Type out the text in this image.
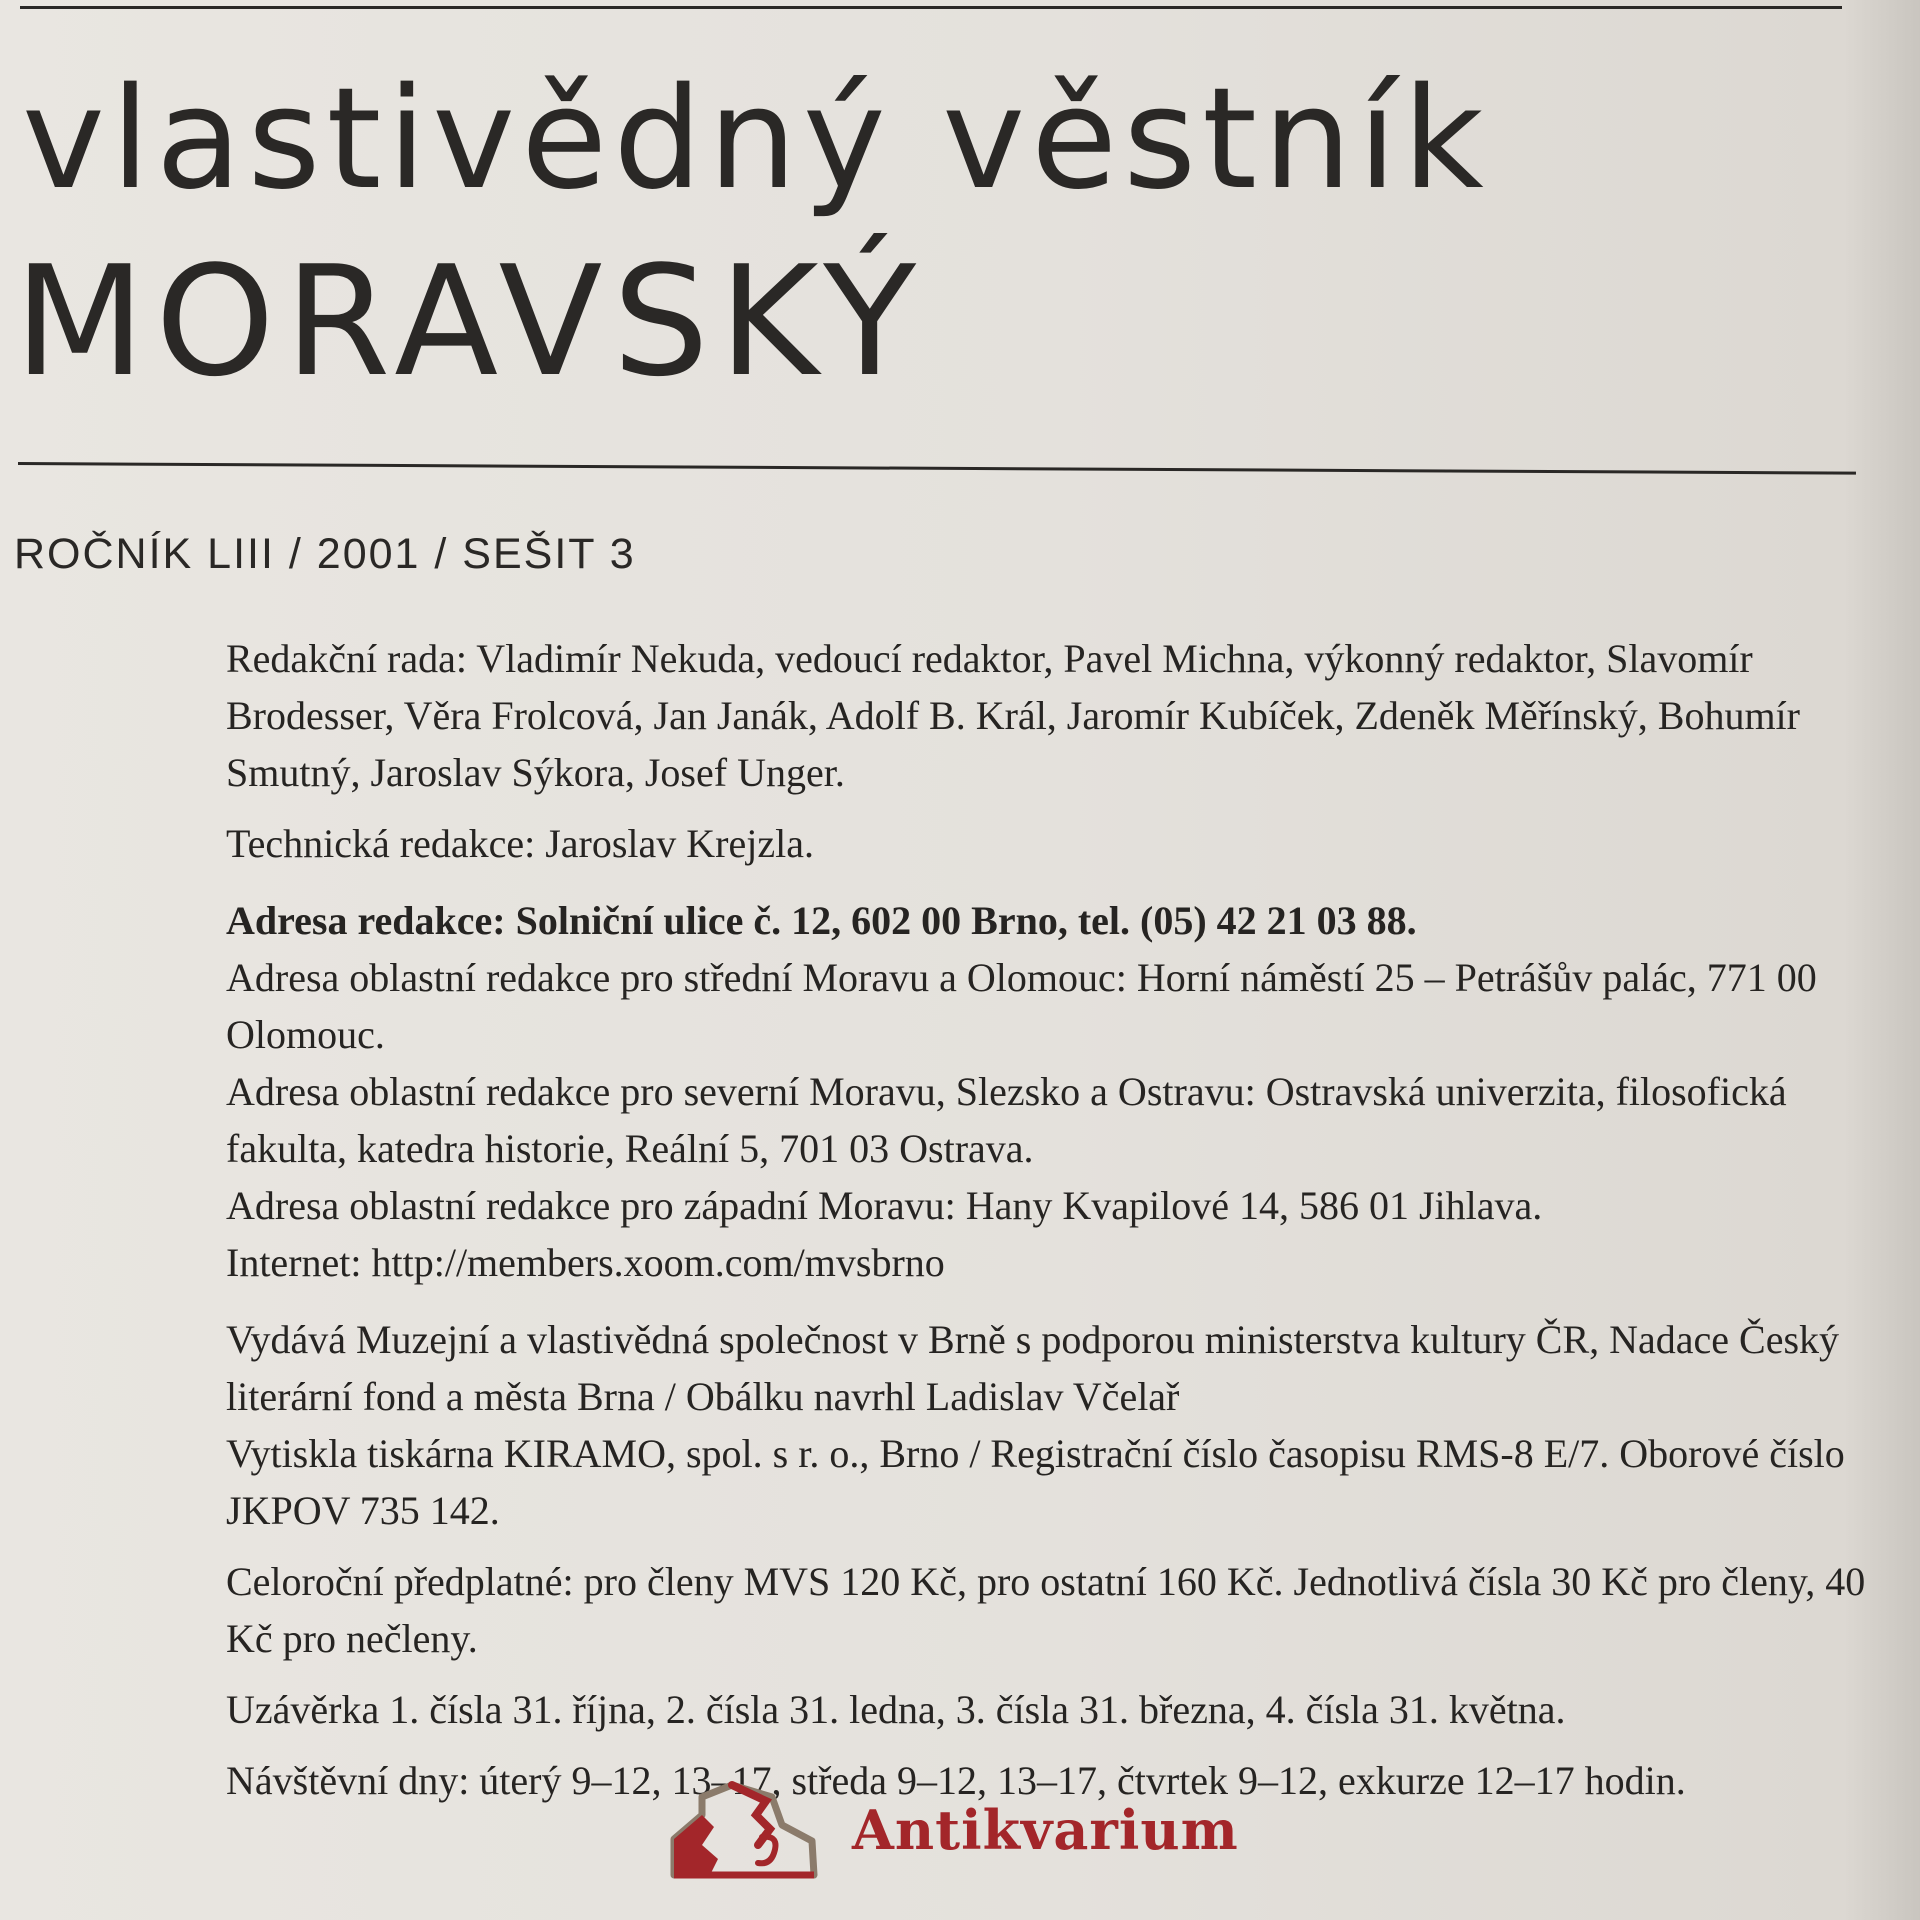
vlastivědný věstník
MORAVSKÝ
ROČNÍK LIII / 2001 / SEŠIT 3

Redakční rada: Vladimír Nekuda, vedoucí redaktor, Pavel Michna, výkonný redaktor, Slavomír Brodesser, Věra Frolcová, Jan Janák, Adolf B. Král, Jaromír Kubíček, Zdeněk Měřínský, Bohumír Smutný, Jaroslav Sýkora, Josef Unger.

Technická redakce: Jaroslav Krejzla.

Adresa redakce: Solniční ulice č. 12, 602 00 Brno, tel. (05) 42 21 03 88.

Adresa oblastní redakce pro střední Moravu a Olomouc: Horní náměstí 25 – Petrášův palác, 771 00 Olomouc.

Adresa oblastní redakce pro severní Moravu, Slezsko a Ostravu: Ostravská univerzita, filosofická fakulta, katedra historie, Reální 5, 701 03 Ostrava.

Adresa oblastní redakce pro západní Moravu: Hany Kvapilové 14, 586 01 Jihlava.

Internet: http://members.xoom.com/mvsbrno

Vydává Muzejní a vlastivědná společnost v Brně s podporou ministerstva kultury ČR, Nadace Český literární fond a města Brna / Obálku navrhl Ladislav Včelař

Vytiskla tiskárna KIRAMO, spol. s r. o., Brno / Registrační číslo časopisu RMS-8 E/7. Oborové číslo JKPOV 735 142.

Celoroční předplatné: pro členy MVS 120 Kč, pro ostatní 160 Kč. Jednotlivá čísla 30 Kč pro členy, 40 Kč pro nečleny.

Uzávěrka 1. čísla 31. října, 2. čísla 31. ledna, 3. čísla 31. března, 4. čísla 31. května.

Návštěvní dny: úterý 9–12, 13–17, středa 9–12, 13–17, čtvrtek 9–12, exkurze 12–17 hodin.

Antikvarium
